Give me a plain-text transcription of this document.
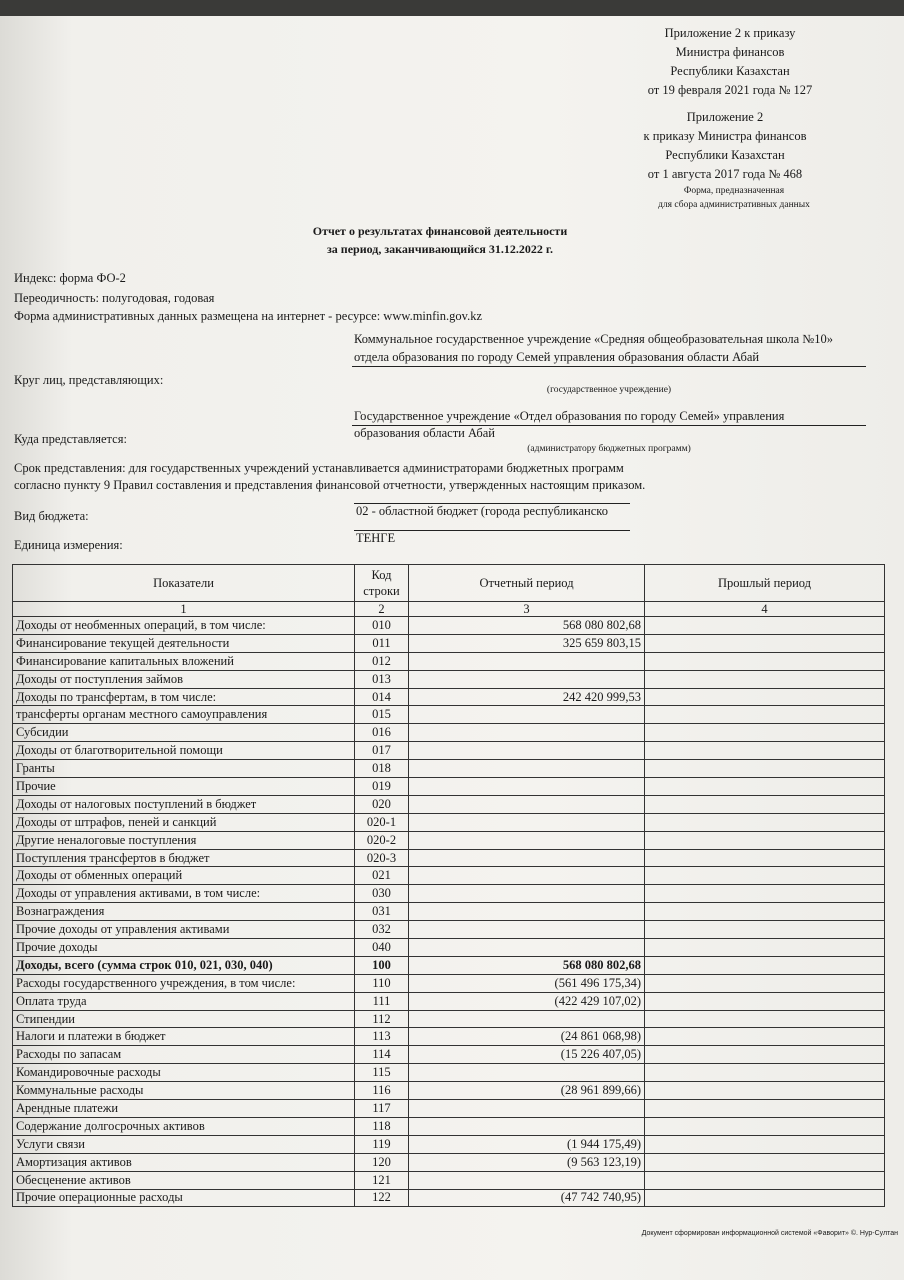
Приложение 2 к приказу
Министра финансов
Республики Казахстан
от 19 февраля 2021 года № 127
Приложение 2
к приказу Министра финансов
Республики Казахстан
от 1 августа 2017 года № 468
Форма, предназначенная
для сбора административных данных
Отчет о результатах финансовой деятельности
за период, заканчивающийся 31.12.2022 г.
Индекс: форма ФО-2
Переодичность: полугодовая, годовая
Форма административных данных размещена на интернет - ресурсе: www.minfin.gov.kz
Коммунальное государственное учреждение «Средняя общеобразовательная школа №10»
отдела образования по городу Семей управления образования области Абай
Круг лиц, представляющих:
(государственное учреждение)
Государственное учреждение «Отдел образования по городу Семей» управления
образования области Абай
Куда представляется:
(администратору бюджетных программ)
Срок представления: для государственных учреждений устанавливается администраторами бюджетных программ
согласно пункту 9 Правил составления и представления финансовой отчетности, утвержденных настоящим приказом.
Вид бюджета:	02 - областной бюджет (города республиканско
Единица измерения:	ТЕНГЕ
Показатели	Код строки	Отчетный период	Прошлый период
1	2	3	4
Доходы от необменных операций, в том числе:	010	568 080 802,68	
Финансирование текущей деятельности	011	325 659 803,15	
Финансирование капитальных вложений	012		
Доходы от поступления займов	013		
Доходы по трансфертам, в том числе:	014	242 420 999,53	
трансферты органам местного самоуправления	015		
Субсидии	016		
Доходы от благотворительной помощи	017		
Гранты	018		
Прочие	019		
Доходы от налоговых поступлений в бюджет	020		
Доходы от штрафов, пеней и санкций	020-1		
Другие неналоговые поступления	020-2		
Поступления трансфертов в бюджет	020-3		
Доходы от обменных операций	021		
Доходы от управления активами, в том числе:	030		
Вознаграждения	031		
Прочие доходы от управления активами	032		
Прочие доходы	040		
Доходы, всего (сумма строк 010, 021, 030, 040)	100	568 080 802,68	
Расходы государственного учреждения, в том числе:	110	(561 496 175,34)	
Оплата труда	111	(422 429 107,02)	
Стипендии	112		
Налоги и платежи в бюджет	113	(24 861 068,98)	
Расходы по запасам	114	(15 226 407,05)	
Командировочные расходы	115		
Коммунальные расходы	116	(28 961 899,66)	
Арендные платежи	117		
Содержание долгосрочных активов	118		
Услуги связи	119	(1 944 175,49)	
Амортизация активов	120	(9 563 123,19)	
Обесценение активов	121		
Прочие операционные расходы	122	(47 742 740,95)	
Документ сформирован информационной системой «Фаворит» ©. Нур-Султан
